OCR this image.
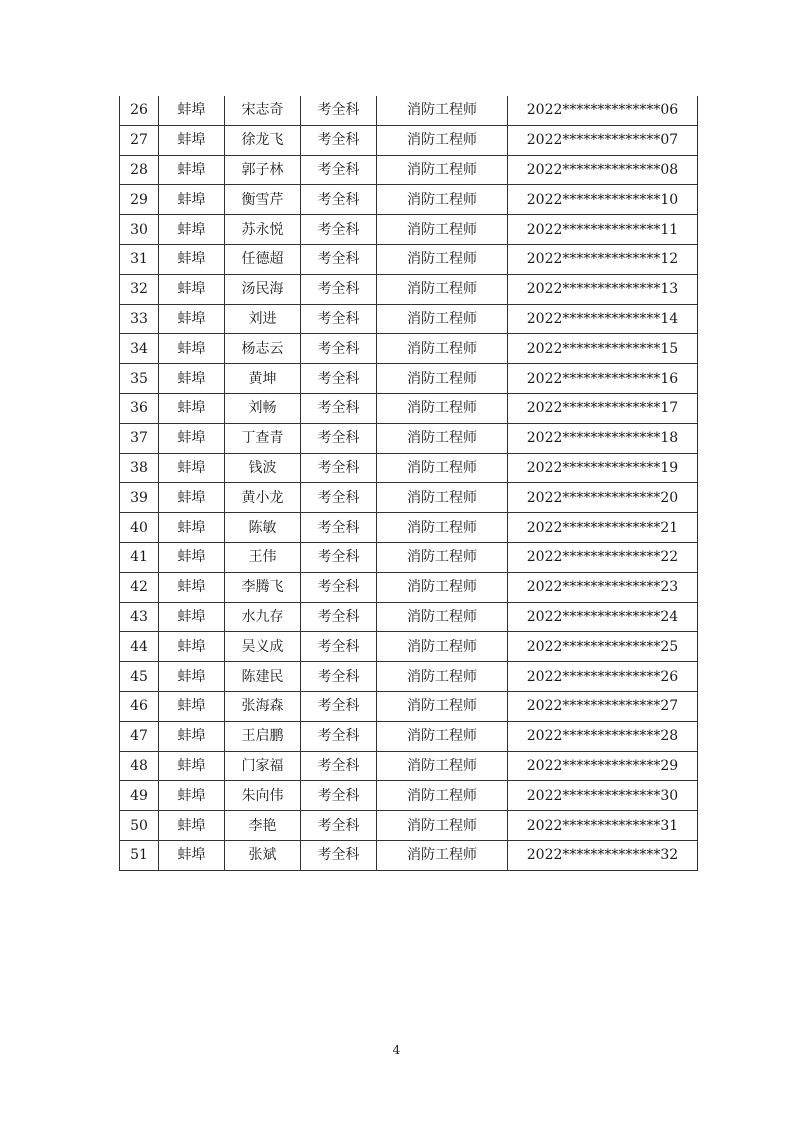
26	蚌埠	宋志奇	考全科	消防工程师	2022**************06
27	蚌埠	徐龙飞	考全科	消防工程师	2022**************07
28	蚌埠	郭子林	考全科	消防工程师	2022**************08
29	蚌埠	衡雪芹	考全科	消防工程师	2022**************10
30	蚌埠	苏永悦	考全科	消防工程师	2022**************11
31	蚌埠	任德超	考全科	消防工程师	2022**************12
32	蚌埠	汤民海	考全科	消防工程师	2022**************13
33	蚌埠	刘进	考全科	消防工程师	2022**************14
34	蚌埠	杨志云	考全科	消防工程师	2022**************15
35	蚌埠	黄坤	考全科	消防工程师	2022**************16
36	蚌埠	刘畅	考全科	消防工程师	2022**************17
37	蚌埠	丁查青	考全科	消防工程师	2022**************18
38	蚌埠	钱波	考全科	消防工程师	2022**************19
39	蚌埠	黄小龙	考全科	消防工程师	2022**************20
40	蚌埠	陈敏	考全科	消防工程师	2022**************21
41	蚌埠	王伟	考全科	消防工程师	2022**************22
42	蚌埠	李腾飞	考全科	消防工程师	2022**************23
43	蚌埠	水九存	考全科	消防工程师	2022**************24
44	蚌埠	吴义成	考全科	消防工程师	2022**************25
45	蚌埠	陈建民	考全科	消防工程师	2022**************26
46	蚌埠	张海森	考全科	消防工程师	2022**************27
47	蚌埠	王启鹏	考全科	消防工程师	2022**************28
48	蚌埠	门家福	考全科	消防工程师	2022**************29
49	蚌埠	朱向伟	考全科	消防工程师	2022**************30
50	蚌埠	李艳	考全科	消防工程师	2022**************31
51	蚌埠	张斌	考全科	消防工程师	2022**************32
4
